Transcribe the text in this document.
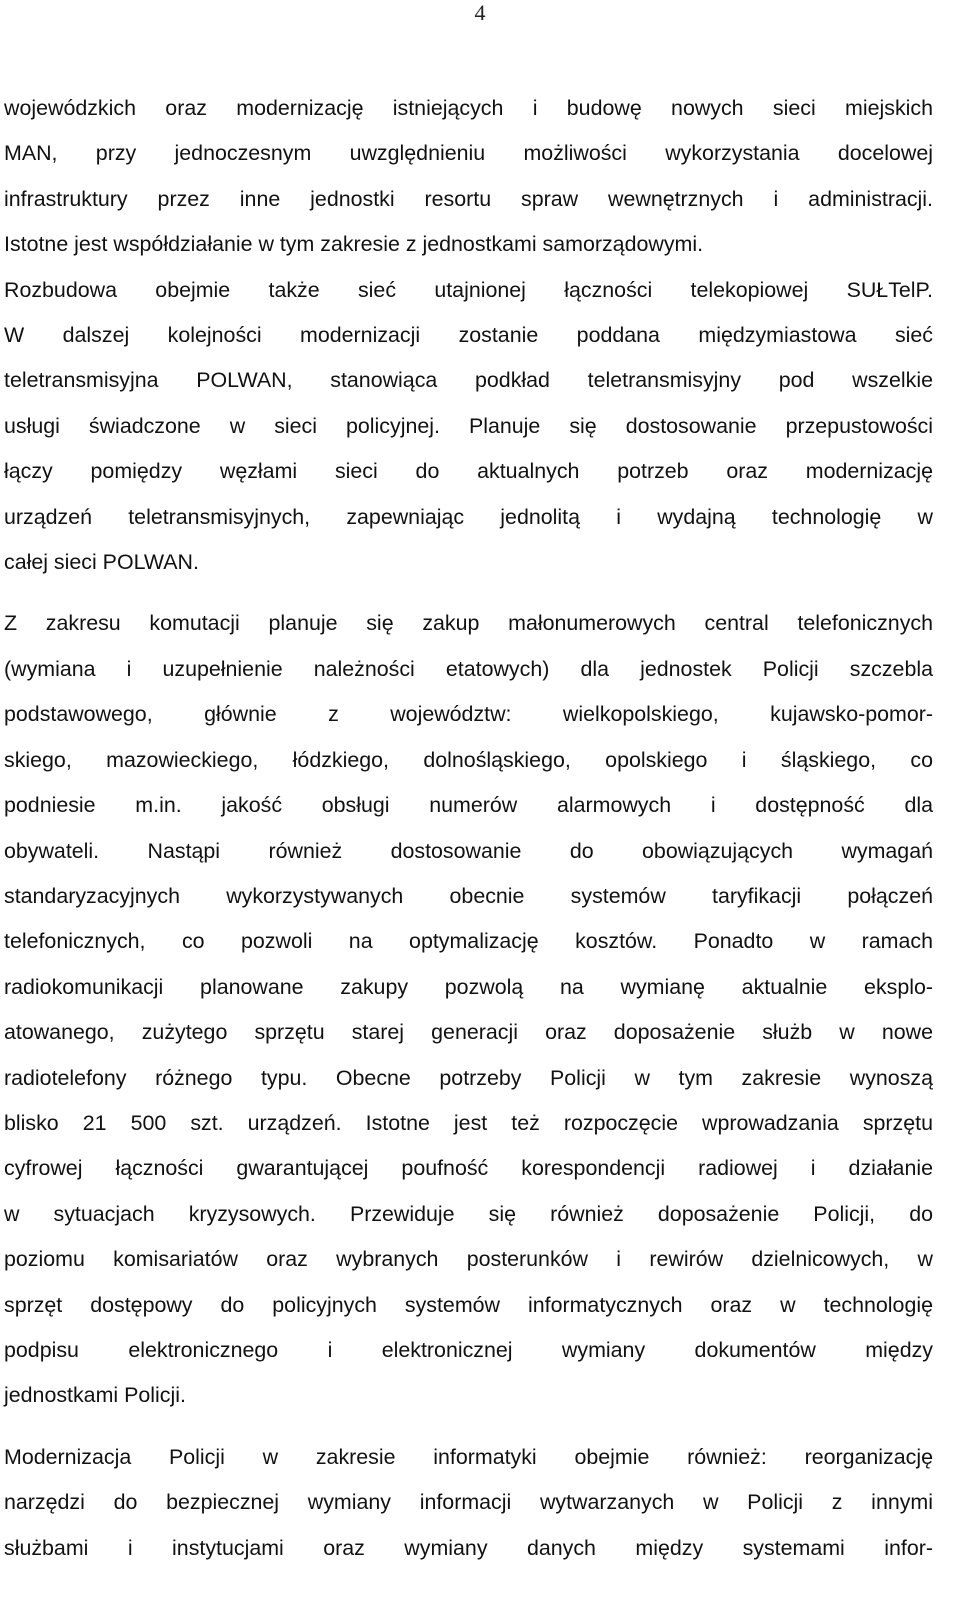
4

wojewódzkich oraz modernizację istniejących i budowę nowych sieci miejskich
MAN, przy jednoczesnym uwzględnieniu możliwości wykorzystania docelowej
infrastruktury przez inne jednostki resortu spraw wewnętrznych i administracji.
Istotne jest współdziałanie w tym zakresie z jednostkami samorządowymi.

Rozbudowa obejmie także sieć utajnionej łączności telekopiowej SUŁTelP.
W dalszej kolejności modernizacji zostanie poddana międzymiastowa sieć
teletransmisyjna POLWAN, stanowiąca podkład teletransmisyjny pod wszelkie
usługi świadczone w sieci policyjnej. Planuje się dostosowanie przepustowości
łączy pomiędzy węzłami sieci do aktualnych potrzeb oraz modernizację
urządzeń teletransmisyjnych, zapewniając jednolitą i wydajną technologię w
całej sieci POLWAN.

Z zakresu komutacji planuje się zakup małonumerowych central telefonicznych
(wymiana i uzupełnienie należności etatowych) dla jednostek Policji szczebla
podstawowego, głównie z województw: wielkopolskiego, kujawsko-pomor-
skiego, mazowieckiego, łódzkiego, dolnośląskiego, opolskiego i śląskiego, co
podniesie m.in. jakość obsługi numerów alarmowych i dostępność dla
obywateli. Nastąpi również dostosowanie do obowiązujących wymagań
standaryzacyjnych wykorzystywanych obecnie systemów taryfikacji połączeń
telefonicznych, co pozwoli na optymalizację kosztów. Ponadto w ramach
radiokomunikacji planowane zakupy pozwolą na wymianę aktualnie eksplo-
atowanego, zużytego sprzętu starej generacji oraz doposażenie służb w nowe
radiotelefony różnego typu. Obecne potrzeby Policji w tym zakresie wynoszą
blisko 21 500 szt. urządzeń. Istotne jest też rozpoczęcie wprowadzania sprzętu
cyfrowej łączności gwarantującej poufność korespondencji radiowej i działanie
w sytuacjach kryzysowych. Przewiduje się również doposażenie Policji, do
poziomu komisariatów oraz wybranych posterunków i rewirów dzielnicowych, w
sprzęt dostępowy do policyjnych systemów informatycznych oraz w technologię
podpisu elektronicznego i elektronicznej wymiany dokumentów między
jednostkami Policji.

Modernizacja Policji w zakresie informatyki obejmie również: reorganizację
narzędzi do bezpiecznej wymiany informacji wytwarzanych w Policji z innymi
służbami i instytucjami oraz wymiany danych między systemami infor-
